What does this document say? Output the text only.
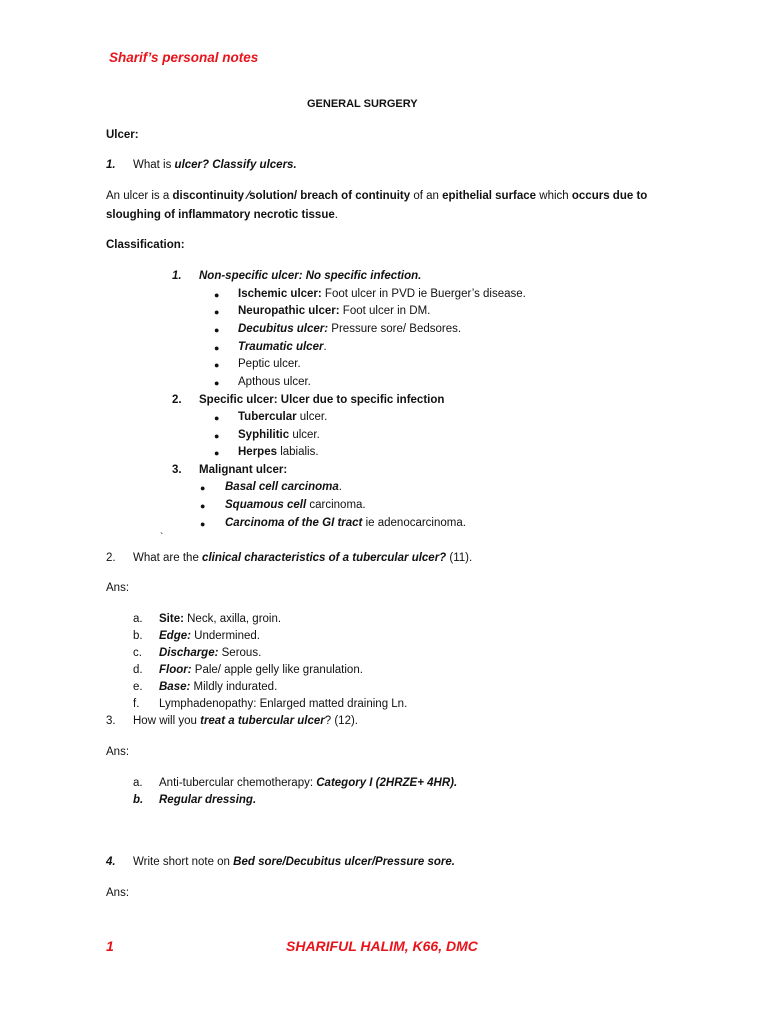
Sharif’s personal notes
GENERAL SURGERY
Ulcer:
1. What is ulcer? Classify ulcers.
An ulcer is a discontinuity ⁄solution/ breach of continuity of an epithelial surface which occurs due to
sloughing of inflammatory necrotic tissue.
Classification:
1. Non-specific ulcer: No specific infection.
● Ischemic ulcer: Foot ulcer in PVD ie Buerger’s disease.
● Neuropathic ulcer: Foot ulcer in DM.
● Decubitus ulcer: Pressure sore/ Bedsores.
● Traumatic ulcer.
● Peptic ulcer.
● Apthous ulcer.
2. Specific ulcer: Ulcer due to specific infection
● Tubercular ulcer.
● Syphilitic ulcer.
● Herpes labialis.
3. Malignant ulcer:
● Basal cell carcinoma.
● Squamous cell carcinoma.
● Carcinoma of the GI tract ie adenocarcinoma.
`
2. What are the clinical characteristics of a tubercular ulcer? (11).
Ans:
a. Site: Neck, axilla, groin.
b. Edge: Undermined.
c. Discharge: Serous.
d. Floor: Pale/ apple gelly like granulation.
e. Base: Mildly indurated.
f. Lymphadenopathy: Enlarged matted draining Ln.
3. How will you treat a tubercular ulcer? (12).
Ans:
a. Anti-tubercular chemotherapy: Category I (2HRZE+ 4HR).
b. Regular dressing.
4. Write short note on Bed sore/Decubitus ulcer/Pressure sore.
Ans:
1	SHARIFUL HALIM, K66, DMC
